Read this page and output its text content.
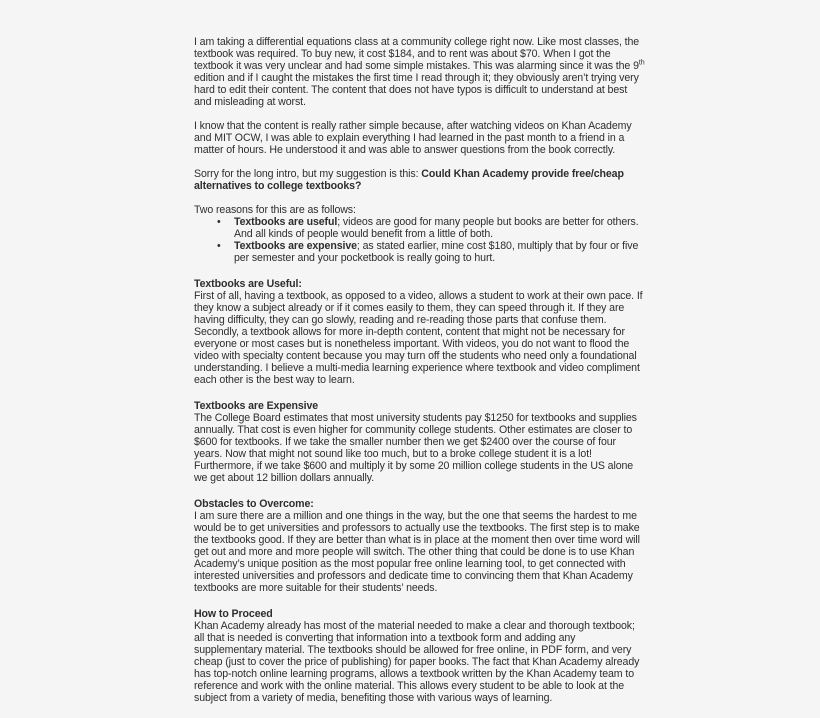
I am taking a differential equations class at a community college right now. Like most classes, the textbook was required. To buy new, it cost $184, and to rent was about $70. When I got the textbook it was very unclear and had some simple mistakes. This was alarming since it was the 9th edition and if I caught the mistakes the first time I read through it; they obviously aren’t trying very hard to edit their content. The content that does not have typos is difficult to understand at best and misleading at worst.

I know that the content is really rather simple because, after watching videos on Khan Academy and MIT OCW, I was able to explain everything I had learned in the past month to a friend in a matter of hours. He understood it and was able to answer questions from the book correctly.

Sorry for the long intro, but my suggestion is this: Could Khan Academy provide free/cheap alternatives to college textbooks?

Two reasons for this are as follows:

• Textbooks are useful; videos are good for many people but books are better for others. And all kinds of people would benefit from a little of both.
• Textbooks are expensive; as stated earlier, mine cost $180, multiply that by four or five per semester and your pocketbook is really going to hurt.
Textbooks are Useful:

First of all, having a textbook, as opposed to a video, allows a student to work at their own pace. If they know a subject already or if it comes easily to them, they can speed through it. If they are having difficulty, they can go slowly, reading and re-reading those parts that confuse them. Secondly, a textbook allows for more in-depth content, content that might not be necessary for everyone or most cases but is nonetheless important. With videos, you do not want to flood the video with specialty content because you may turn off the students who need only a foundational understanding. I believe a multi-media learning experience where textbook and video compliment each other is the best way to learn.

Textbooks are Expensive

The College Board estimates that most university students pay $1250 for textbooks and supplies annually. That cost is even higher for community college students. Other estimates are closer to $600 for textbooks. If we take the smaller number then we get $2400 over the course of four years. Now that might not sound like too much, but to a broke college student it is a lot! Furthermore, if we take $600 and multiply it by some 20 million college students in the US alone we get about 12 billion dollars annually.

Obstacles to Overcome:

I am sure there are a million and one things in the way, but the one that seems the hardest to me would be to get universities and professors to actually use the textbooks. The first step is to make the textbooks good. If they are better than what is in place at the moment then over time word will get out and more and more people will switch. The other thing that could be done is to use Khan Academy’s unique position as the most popular free online learning tool, to get connected with interested universities and professors and dedicate time to convincing them that Khan Academy textbooks are more suitable for their students’ needs.

How to Proceed

Khan Academy already has most of the material needed to make a clear and thorough textbook; all that is needed is converting that information into a textbook form and adding any supplementary material. The textbooks should be allowed for free online, in PDF form, and very cheap (just to cover the price of publishing) for paper books. The fact that Khan Academy already has top-notch online learning programs, allows a textbook written by the Khan Academy team to reference and work with the online material. This allows every student to be able to look at the subject from a variety of media, benefiting those with various ways of learning.
